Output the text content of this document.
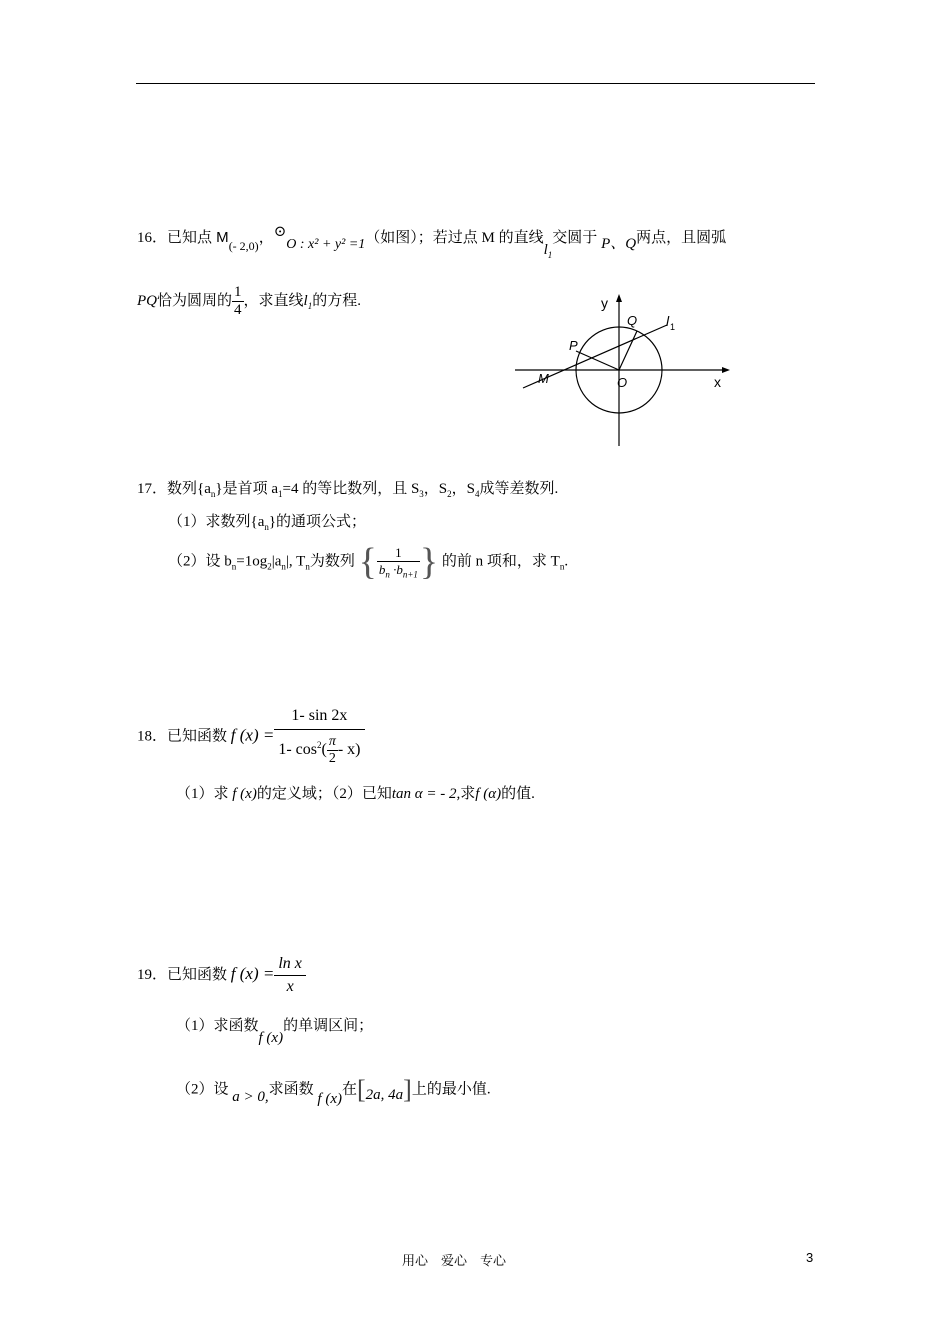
16．已知点 $M_{(- 2,0)}$，⊙O : x² + y² =1（如图）；若过点 M 的直线$l_1$交圆于 P、Q两点，且圆弧
PQ恰为圆周的 $\frac{1}{4}$ ，求直线$l_1$的方程.	y
x
O
P
Q
M
l 1
17．数列$\{a_n\}$是首项 $a_1=4$ 的等比数列，且 $S_3$，$S_2$，$S_4$成等差数列.
（1）求数列$\{a_n\}$的通项公式；
（2）设 $b_n=1og_2|a_n|$, $T_n$为数列 { $\frac{1}{b_n \cdot b_{n+1}}$ } 的前 n 项和，求 $T_n$.
18．已知函数 f $(x) = \frac{1- \sin 2x}{1- \cos^2( \frac{\pi}{2} - x)}$
（1）求 f (x)的定义域；（2）已知tan α = - 2,求f (α)的值.
19．已知函数 f $(x) = \frac{\text{ln x}}{x}$
（1）求函数f (x)的单调区间；
（2）设 a > 0,求函数 f (x)在[2a, 4a]上的最小值.
用心　爱心　专心	3
